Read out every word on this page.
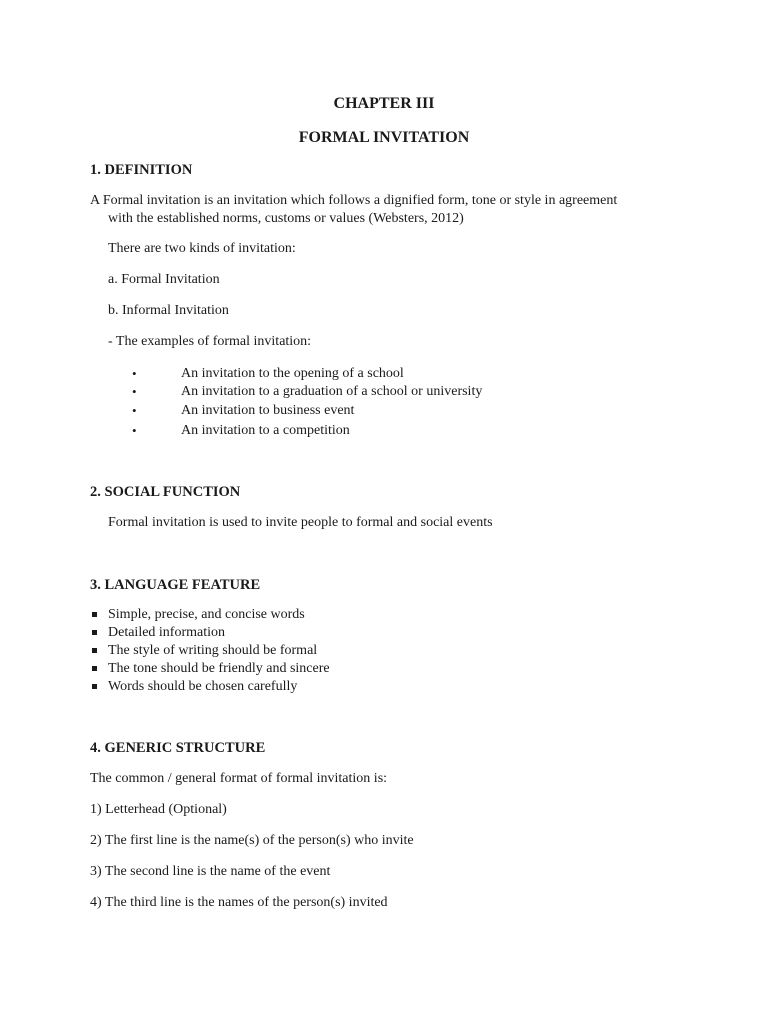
CHAPTER III
FORMAL INVITATION
1. DEFINITION
A Formal invitation is an invitation which follows a dignified form, tone or style in agreement
with the established norms, customs or values (Websters, 2012)
There are two kinds of invitation:
a. Formal Invitation
b. Informal Invitation
- The examples of formal invitation:
•	An invitation to the opening of a school
•	An invitation to a graduation of a school or university
•	An invitation to business event
•	An invitation to a competition
2. SOCIAL FUNCTION
Formal invitation is used to invite people to formal and social events
3. LANGUAGE FEATURE
Simple, precise, and concise words
Detailed information
The style of writing should be formal
The tone should be friendly and sincere
Words should be chosen carefully
4. GENERIC STRUCTURE
The common / general format of formal invitation is:
1) Letterhead (Optional)
2) The first line is the name(s) of the person(s) who invite
3) The second line is the name of the event
4) The third line is the names of the person(s) invited
